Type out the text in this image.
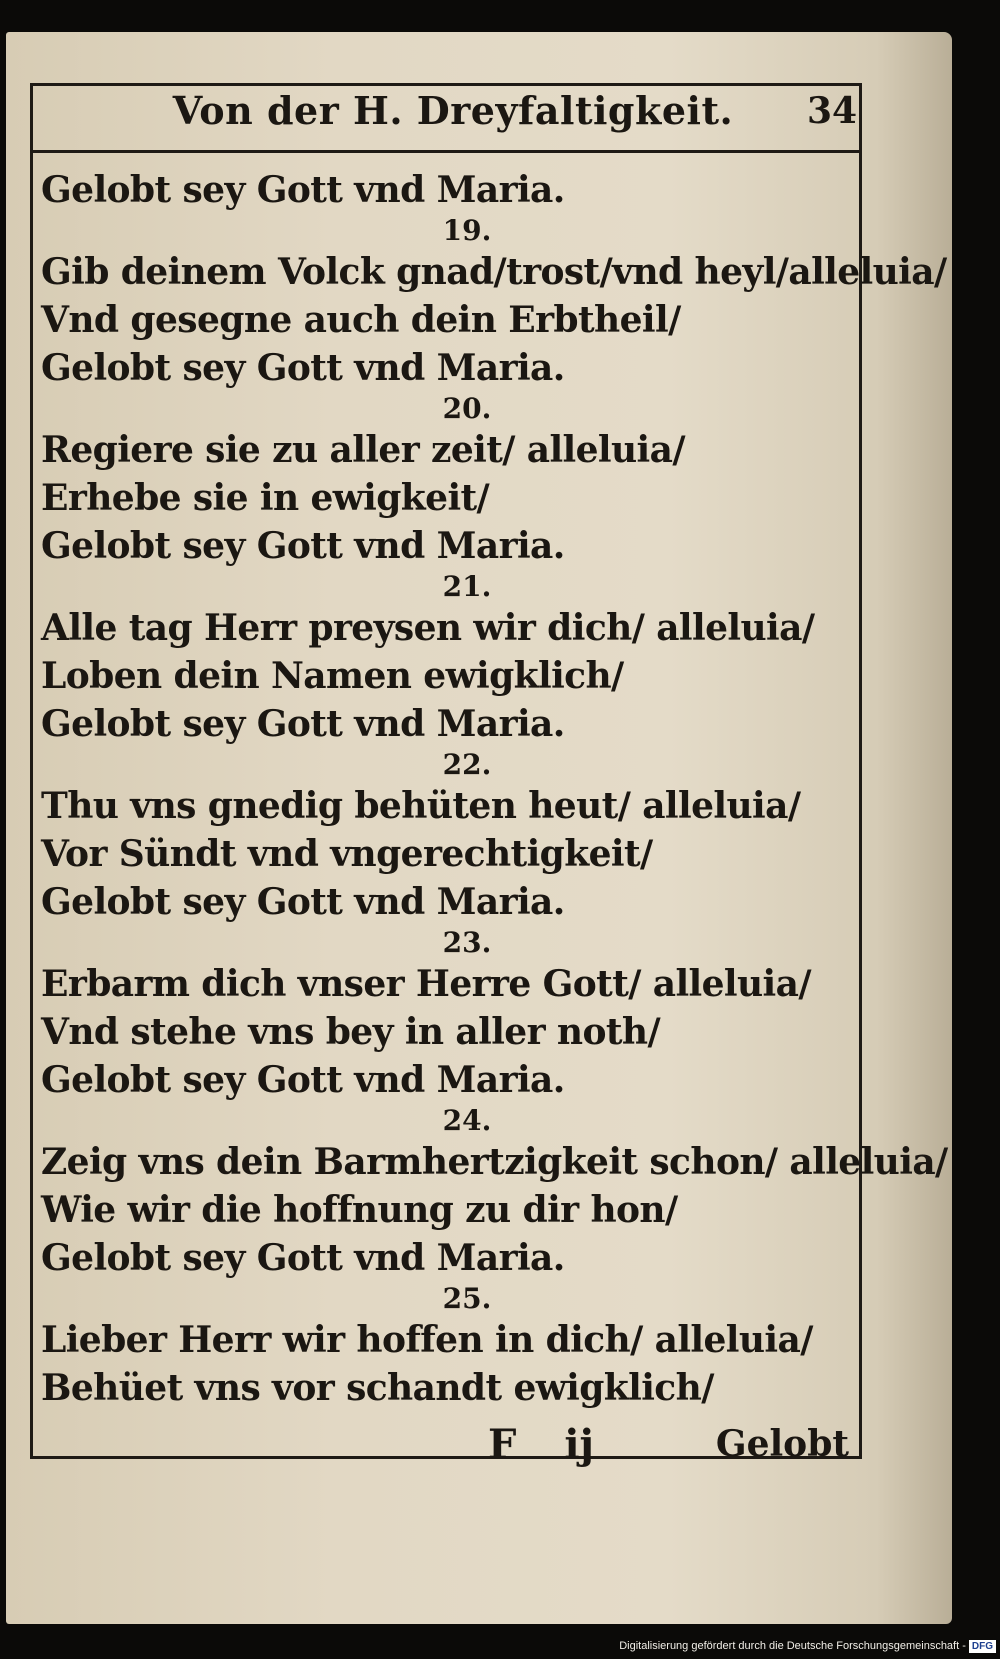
Von der H. Dreyfaltigkeit.	34
Gelobt sey Gott vnd Maria.
19.
Gib deinem Volck gnad/trost/vnd heyl/alleluia/
Vnd gesegne auch dein Erbtheil/
Gelobt sey Gott vnd Maria.
20.
Regiere sie zu aller zeit/ alleluia/
Erhebe sie in ewigkeit/
Gelobt sey Gott vnd Maria.
21.
Alle tag Herr preysen wir dich/ alleluia/
Loben dein Namen ewigklich/
Gelobt sey Gott vnd Maria.
22.
Thu vns gnedig behüten heut/ alleluia/
Vor Sündt vnd vngerechtigkeit/
Gelobt sey Gott vnd Maria.
23.
Erbarm dich vnser Herre Gott/ alleluia/
Vnd stehe vns bey in aller noth/
Gelobt sey Gott vnd Maria.
24.
Zeig vns dein Barmhertzigkeit schon/ alleluia/
Wie wir die hoffnung zu dir hon/
Gelobt sey Gott vnd Maria.
25.
Lieber Herr wir hoffen in dich/ alleluia/
Behüet vns vor schandt ewigklich/
F ij	Gelobt
Digitalisierung gefördert durch die Deutsche Forschungsgemeinschaft - DFG
